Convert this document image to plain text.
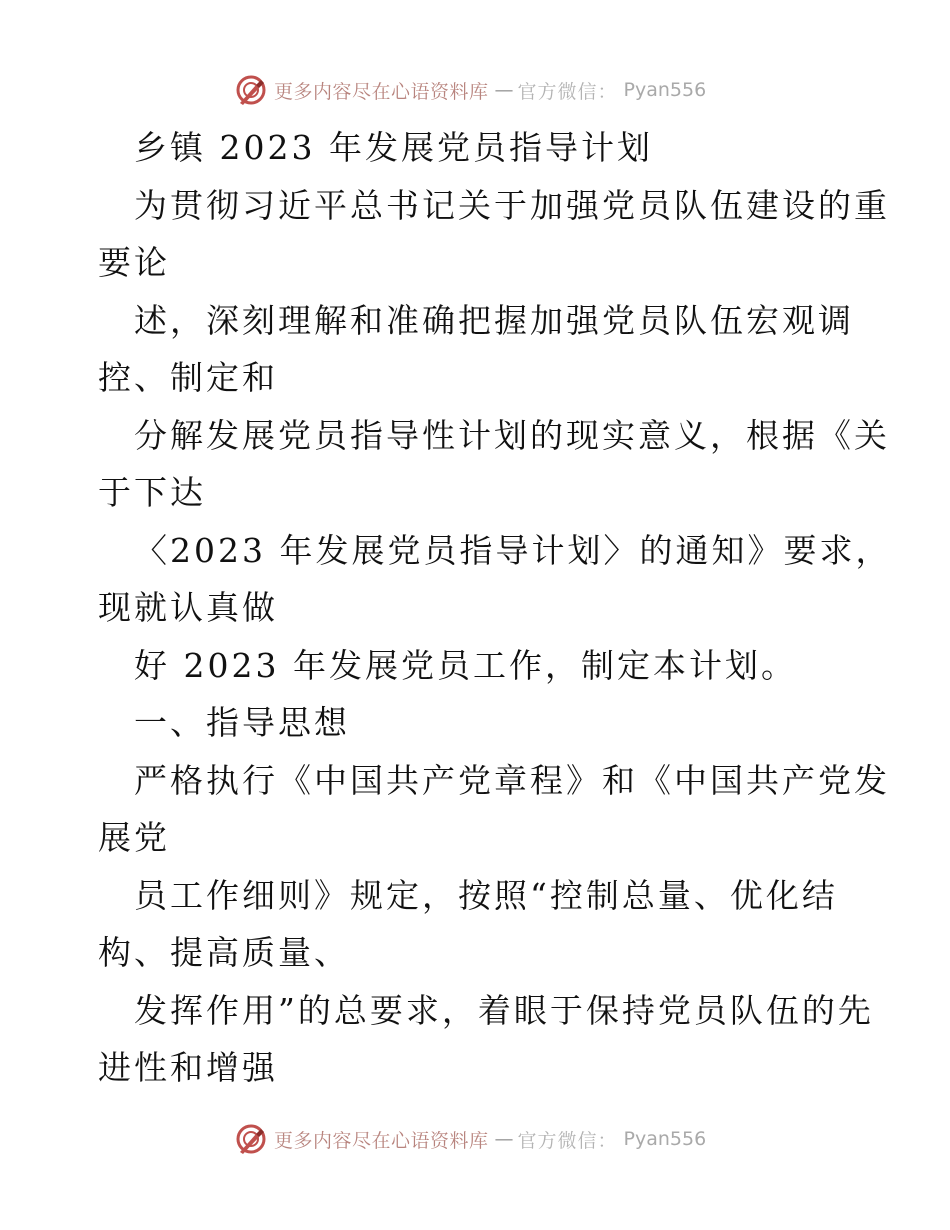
更多内容尽在心语资料库 — 官方微信： Pyan556
乡镇 2023 年发展党员指导计划
为贯彻习近平总书记关于加强党员队伍建设的重
要论
述，深刻理解和准确把握加强党员队伍宏观调
控、制定和
分解发展党员指导性计划的现实意义，根据《关
于下达
〈2023 年发展党员指导计划〉的通知》要求，
现就认真做
好 2023 年发展党员工作，制定本计划。
一、指导思想
严格执行《中国共产党章程》和《中国共产党发
展党
员工作细则》规定，按照“控制总量、优化结
构、提高质量、
发挥作用”的总要求，着眼于保持党员队伍的先
进性和增强
更多内容尽在心语资料库 — 官方微信： Pyan556
